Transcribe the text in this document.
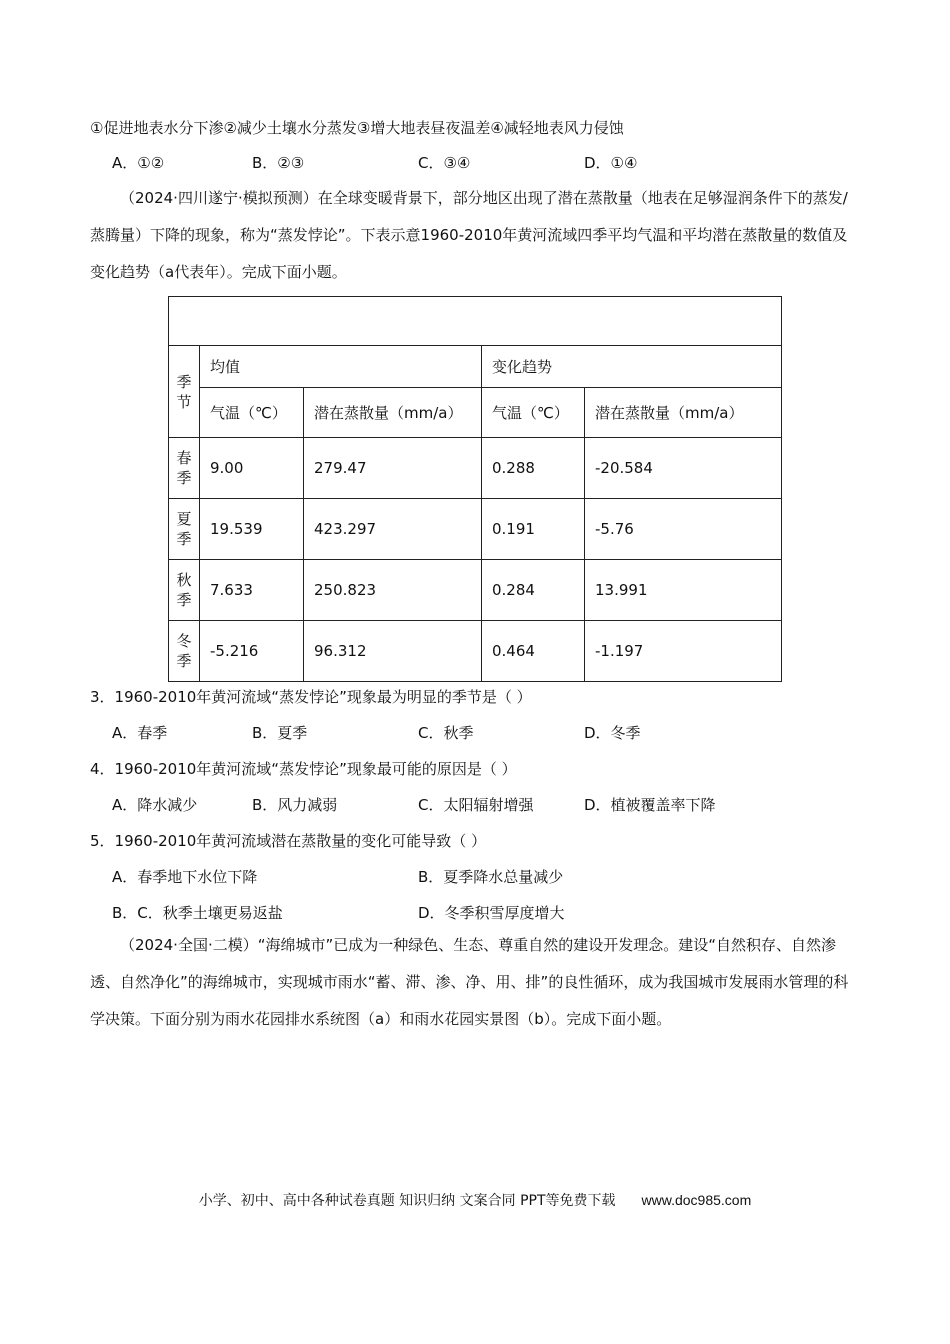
①促进地表水分下渗②减少土壤水分蒸发③增大地表昼夜温差④减轻地表风力侵蚀
A．①②	B．②③	C．③④	D．①④
（2024·四川遂宁·模拟预测）在全球变暖背景下，部分地区出现了潜在蒸散量（地表在足够湿润条件下的蒸发/蒸腾量）下降的现象，称为“蒸发悖论”。下表示意1960-2010年黄河流域四季平均气温和平均潜在蒸散量的数值及变化趋势（a代表年）。完成下面小题。

季
节	均值		变化趋势	
	气温（℃）	潜在蒸散量（mm/a）	气温（℃）	潜在蒸散量（mm/a）
春
季	9.00	279.47	0.288	-20.584
夏
季	19.539	423.297	0.191	-5.76
秋
季	7.633	250.823	0.284	13.991
冬
季	-5.216	96.312	0.464	-1.197
3．1960-2010年黄河流域“蒸发悖论”现象最为明显的季节是（ ）
A．春季	B．夏季	C．秋季	D．冬季
4．1960-2010年黄河流域“蒸发悖论”现象最可能的原因是（ ）
A．降水减少	B．风力减弱	C．太阳辐射增强	D．植被覆盖率下降
5．1960-2010年黄河流域潜在蒸散量的变化可能导致（ ）
A．春季地下水位下降	B．夏季降水总量减少
B．C．秋季土壤更易返盐	D．冬季积雪厚度增大
（2024·全国·二模）“海绵城市”已成为一种绿色、生态、尊重自然的建设开发理念。建设“自然积存、自然渗透、自然净化”的海绵城市，实现城市雨水“蓄、滞、渗、净、用、排”的良性循环，成为我国城市发展雨水管理的科学决策。下面分别为雨水花园排水系统图（a）和雨水花园实景图（b）。完成下面小题。
小学、初中、高中各种试卷真题 知识归纳 文案合同 PPT等免费下载 www.doc985.com
